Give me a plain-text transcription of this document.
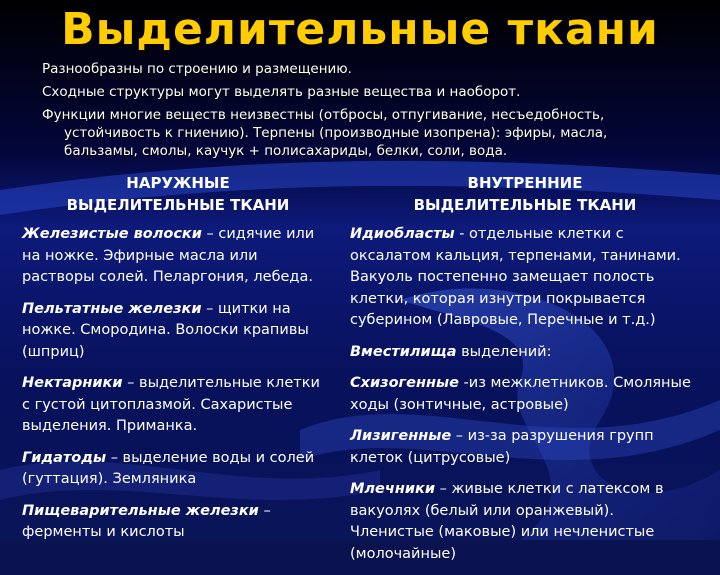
Выделительные ткани

Разнообразны по строению и размещению.

Сходные структуры могут выделять разные вещества и наоборот.

Функции многие веществ неизвестны (отбросы, отпугивание, несъедобность, устойчивость к гниению). Терпены (производные изопрена): эфиры, масла, бальзамы, смолы, каучук + полисахариды, белки, соли, вода.

НАРУЖНЫЕ
ВЫДЕЛИТЕЛЬНЫЕ ТКАНИ
ВНУТРЕННИЕ
ВЫДЕЛИТЕЛЬНЫЕ ТКАНИ

Железистые волоски – сидячие или на ножке. Эфирные масла или растворы солей. Пеларгония, лебеда.

Пельтатные железки – щитки на ножке. Смородина. Волоски крапивы (шприц)

Нектарники – выделительные клетки с густой цитоплазмой. Сахаристые выделения. Приманка.

Гидатоды – выделение воды и солей (гуттация). Земляника

Пищеварительные железки – ферменты и кислоты

Идиобласты - отдельные клетки с оксалатом кальция, терпенами, танинами. Вакуоль постепенно замещает полость клетки, которая изнутри покрывается суберином (Лавровые, Перечные и т.д.)

Вместилища выделений:

Схизогенные -из межклетников. Смоляные ходы (зонтичные, астровые)

Лизигенные – из-за разрушения групп клеток (цитрусовые)

Млечники – живые клетки с латексом в вакуолях (белый или оранжевый). Членистые (маковые) или нечленистые (молочайные)
